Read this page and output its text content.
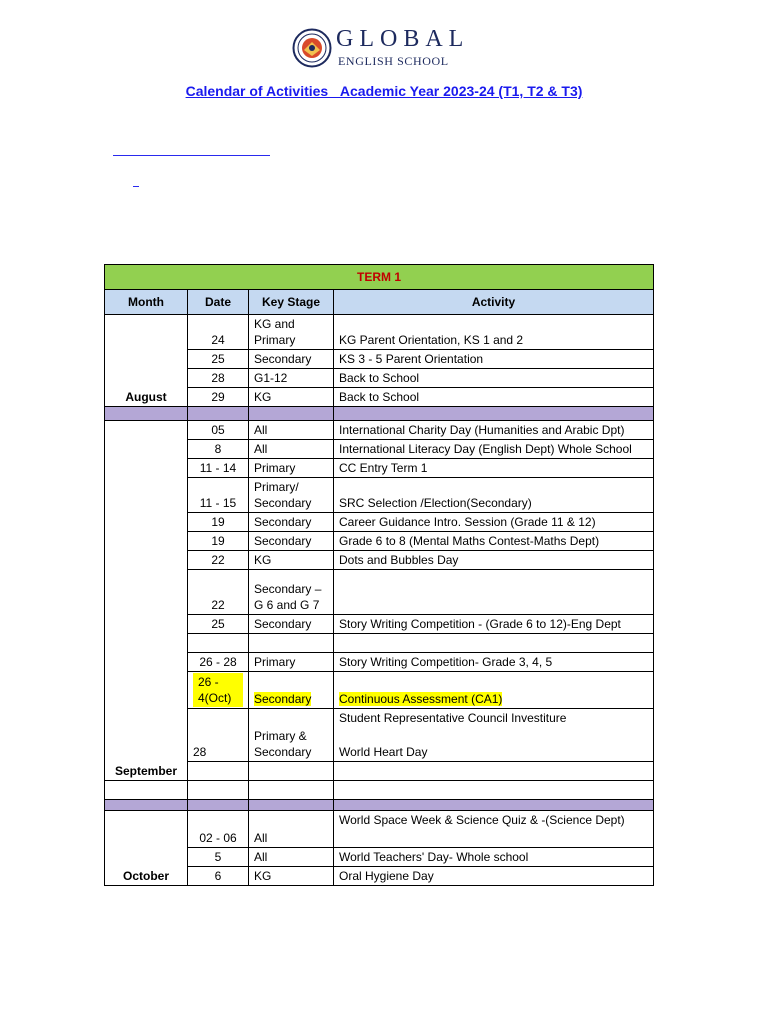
GLOBAL
ENGLISH SCHOOL
Calendar of Activities _Academic Year 2023-24 (T1, T2 & T3)
TERM 1			
Month	Date	Key Stage	Activity
August	24	KG and Primary	KG Parent Orientation, KS 1 and 2
	25	Secondary	KS 3 - 5 Parent Orientation
	28	G1-12	Back to School
	29	KG	Back to School

September	05	All	International Charity Day (Humanities and Arabic Dpt)
	8	All	International Literacy Day (English Dept) Whole School
	11 - 14	Primary	CC Entry Term 1
	11 - 15	Primary/ Secondary	SRC Selection /Election(Secondary)
	19	Secondary	Career Guidance Intro. Session (Grade 11 & 12)
	19	Secondary	Grade 6 to 8 (Mental Maths Contest-Maths Dept)
	22	KG	Dots and Bubbles Day
	22	Secondary – G 6 and G 7	
	25	Secondary	Story Writing Competition - (Grade 6 to 12)-Eng Dept

	26 - 28	Primary	Story Writing Competition- Grade 3, 4, 5

	26 - 4(Oct)	Secondary	Continuous Assessment (CA1)
	28	Primary & Secondary	Student Representative Council Investiture
World Heart Day

October	02 - 06	All	World Space Week & Science Quiz & -(Science Dept)
	5	All	World Teachers' Day- Whole school
	6	KG	Oral Hygiene Day
